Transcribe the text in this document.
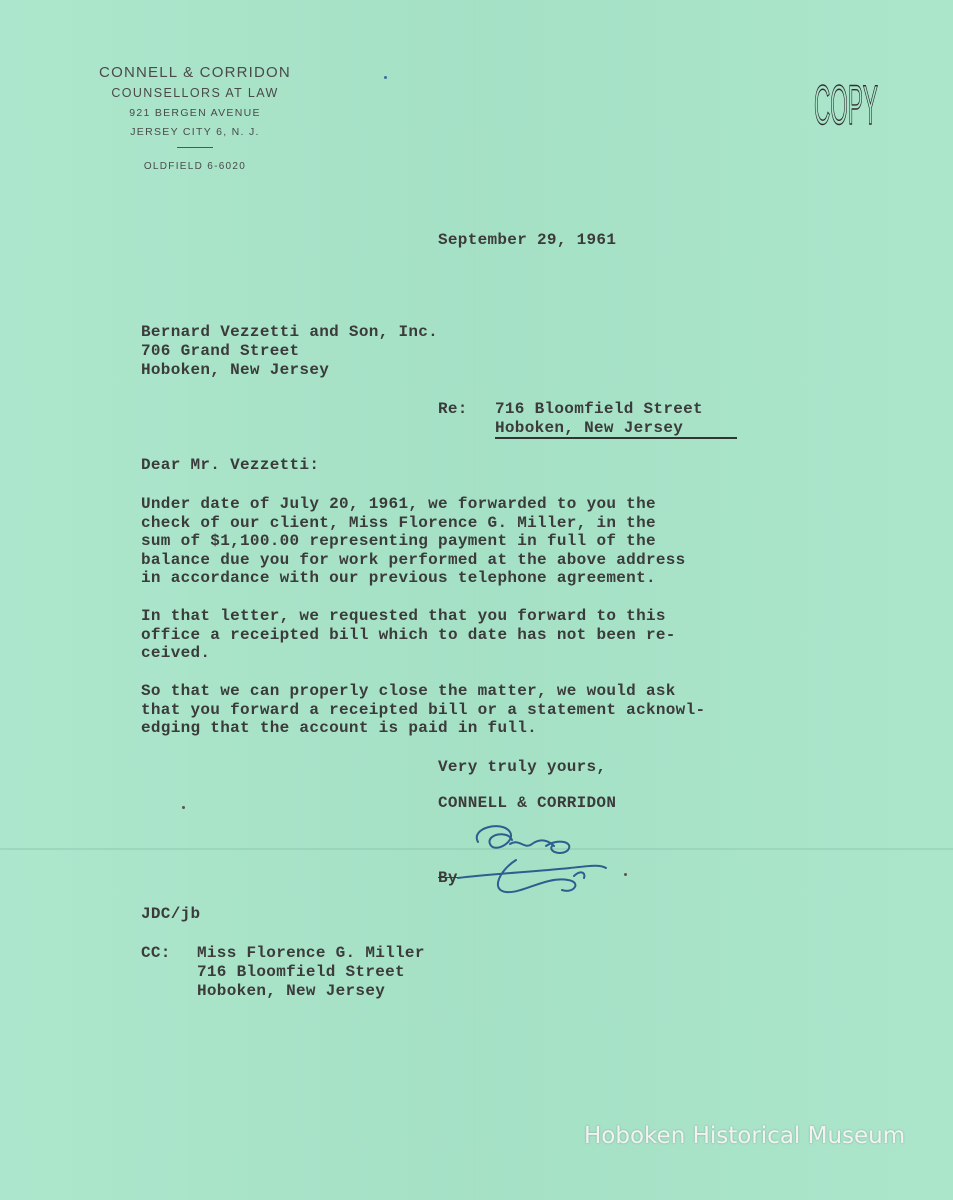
CONNELL & CORRIDON
COUNSELLORS AT LAW
921 BERGEN AVENUE
JERSEY CITY 6, N. J.
OLDFIELD 6-6020
COPY
September 29, 1961
Bernard Vezzetti and Son, Inc.
706 Grand Street
Hoboken, New Jersey
Re: 716 Bloomfield Street
Hoboken, New Jersey
Dear Mr. Vezzetti:
Under date of July 20, 1961, we forwarded to you the
check of our client, Miss Florence G. Miller, in the
sum of $1,100.00 representing payment in full of the
balance due you for work performed at the above address
in accordance with our previous telephone agreement.
In that letter, we requested that you forward to this
office a receipted bill which to date has not been re-
ceived.
So that we can properly close the matter, we would ask
that you forward a receipted bill or a statement acknowl-
edging that the account is paid in full.
Very truly yours,
CONNELL & CORRIDON
By
JDC/jb
CC: Miss Florence G. Miller
716 Bloomfield Street
Hoboken, New Jersey
Hoboken Historical Museum
